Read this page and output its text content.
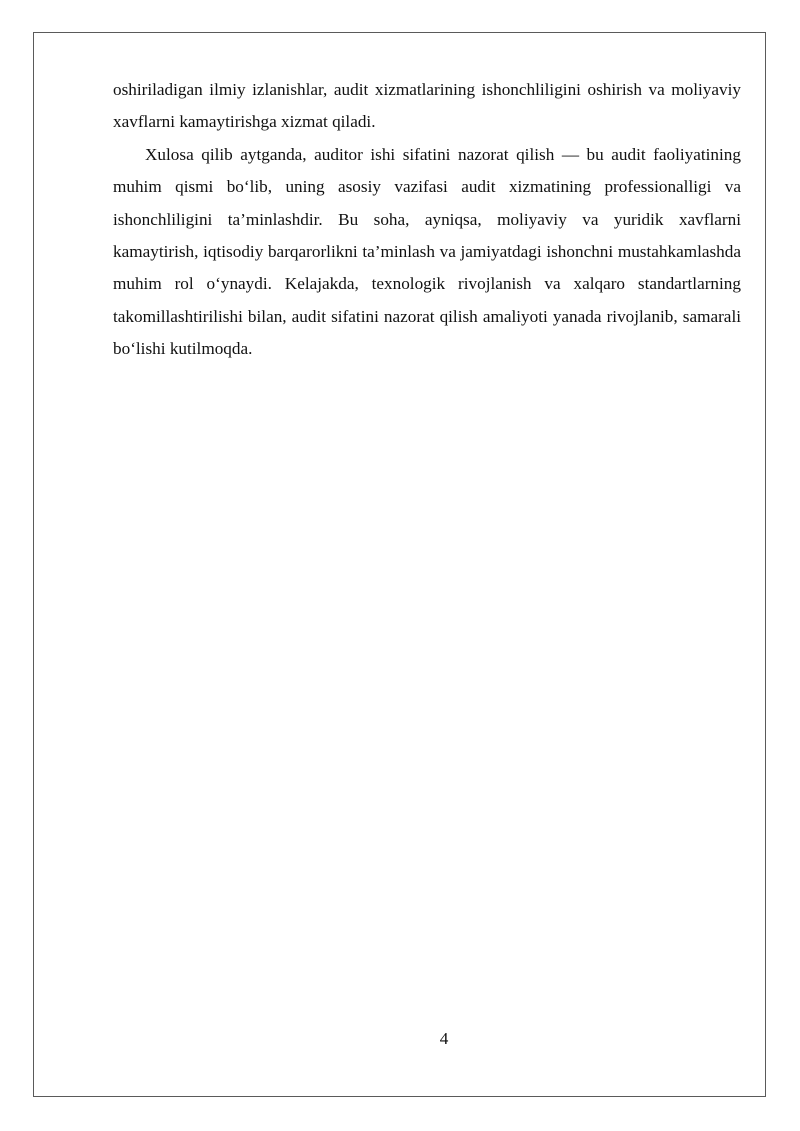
oshiriladigan ilmiy izlanishlar, audit xizmatlarining ishonchliligini oshirish va moliyaviy xavflarni kamaytirishga xizmat qiladi.

Xulosa qilib aytganda, auditor ishi sifatini nazorat qilish — bu audit faoliyatining muhim qismi bo‘lib, uning asosiy vazifasi audit xizmatining professionalligi va ishonchliligini ta’minlashdir. Bu soha, ayniqsa, moliyaviy va yuridik xavflarni kamaytirish, iqtisodiy barqarorlikni ta’minlash va jamiyatdagi ishonchni mustahkamlashda muhim rol o‘ynaydi. Kelajakda, texnologik rivojlanish va xalqaro standartlarning takomillashtirilishi bilan, audit sifatini nazorat qilish amaliyoti yanada rivojlanib, samarali bo‘lishi kutilmoqda.

4
